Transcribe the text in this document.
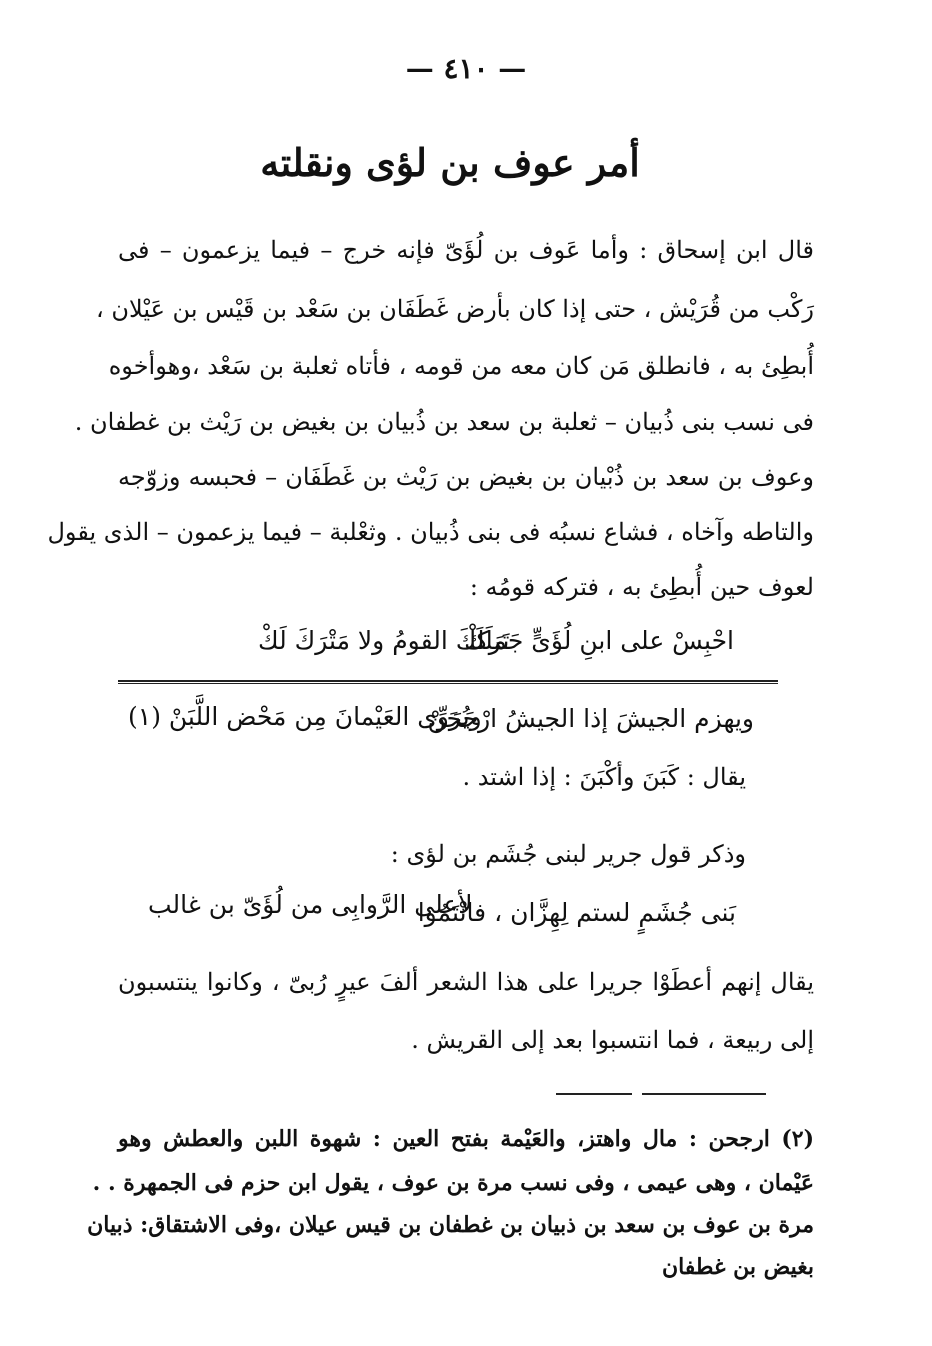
— ٤١٠ —
أمر عوف بن لؤى ونقلته
قال ابن إسحاق : وأما عَوف بن لُؤَىّ فإنه خرج – فيما يزعمون – فى
رَكْب من قُرَيْش ، حتى إذا كان بأرض غَطَفَان بن سَعْد بن قَيْس بن عَيْلان ،
أُبطِئ به ، فانطلق مَن كان معه من قومه ، فأتاه ثعلبة بن سَعْد ،وهوأخوه
فى نسب بنى ذُبيان – ثعلبة بن سعد بن ذُبيان بن بغيض بن رَيْث بن غطفان .
وعوف بن سعد بن ذُبْيان بن بغيض بن رَيْث بن غَطَفَان – فحبسه وزوّجه
والتاطه وآخاه ، فشاع نسبُه فى بنى ذُبيان . وثعْلبة – فيما يزعمون – الذى يقول
لعوف حين أُبطِئ به ، فتركه قومُه :
احْبِسْ على ابنِ لُؤَىٍّ جَمَلَكْ
تَركَكَ القومُ ولا مَتْرَكَ لَكْ
ويهزم الجيشَ إذا الجيشُ ارْجَحَنْ
ويُرَوِّى العَيْمانَ مِن مَحْض اللَّبَنْ (١)
يقال : كَبَنَ وأكْبَنَ : إذا اشتد .
وذكر قول جرير لبنى جُشَم بن لؤى :
بَنى جُشَمٍ لستم لِهِزَّان ، فانْتَمُوا
لأعلى الرَّوابِى من لُؤَىّ بن غالب
يقال إنهم أعطَوْا جريرا على هذا الشعر ألفَ عيرٍ رُبىّ ، وكانوا ينتسبون
إلى ربيعة ، فما انتسبوا بعد إلى القريش .
(٢) ارجحن : مال واهتز، والعَيْمة بفتح العين : شهوة اللبن والعطش وهو
عَيْمان ، وهى عيمى ، وفى نسب مرة بن عوف ، يقول ابن حزم فى الجمهرة . .
مرة بن عوف بن سعد بن ذبيان بن غطفان بن قيس عيلان ،وفى الاشتقاق: ذبيان
بغيض بن غطفان
